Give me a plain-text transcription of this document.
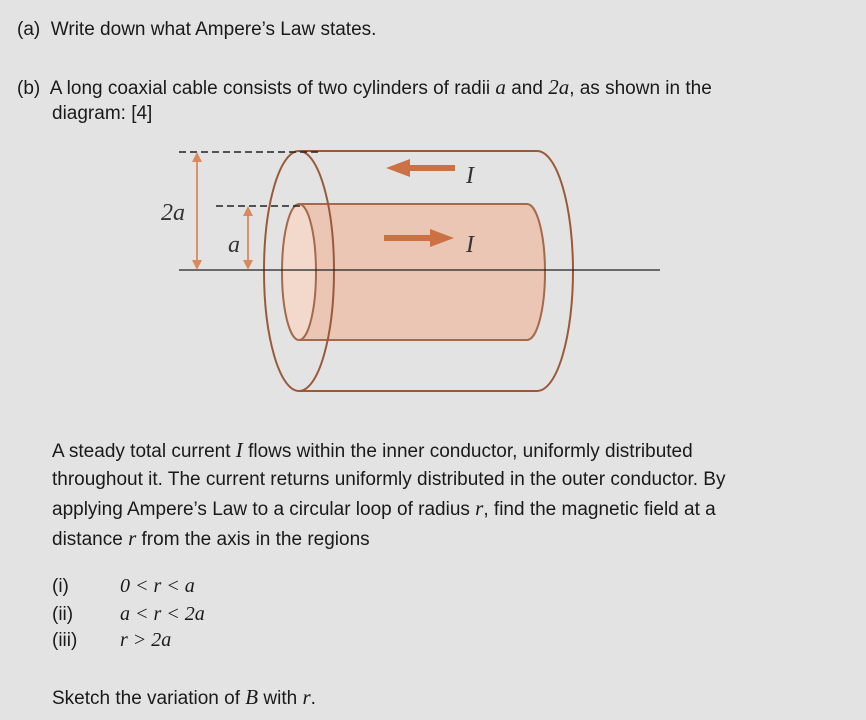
(a) Write down what Ampere’s Law states.
(b) A long coaxial cable consists of two cylinders of radii a and 2a, as shown in the
diagram: [4]
2a
a
I
I
A steady total current I flows within the inner conductor, uniformly distributed
throughout it. The current returns uniformly distributed in the outer conductor. By
applying Ampere’s Law to a circular loop of radius r, find the magnetic field at a
distance r from the axis in the regions
(i)	0 < r < a
(ii) a < r < 2a
(iii) r > 2a
Sketch the variation of B with r.
